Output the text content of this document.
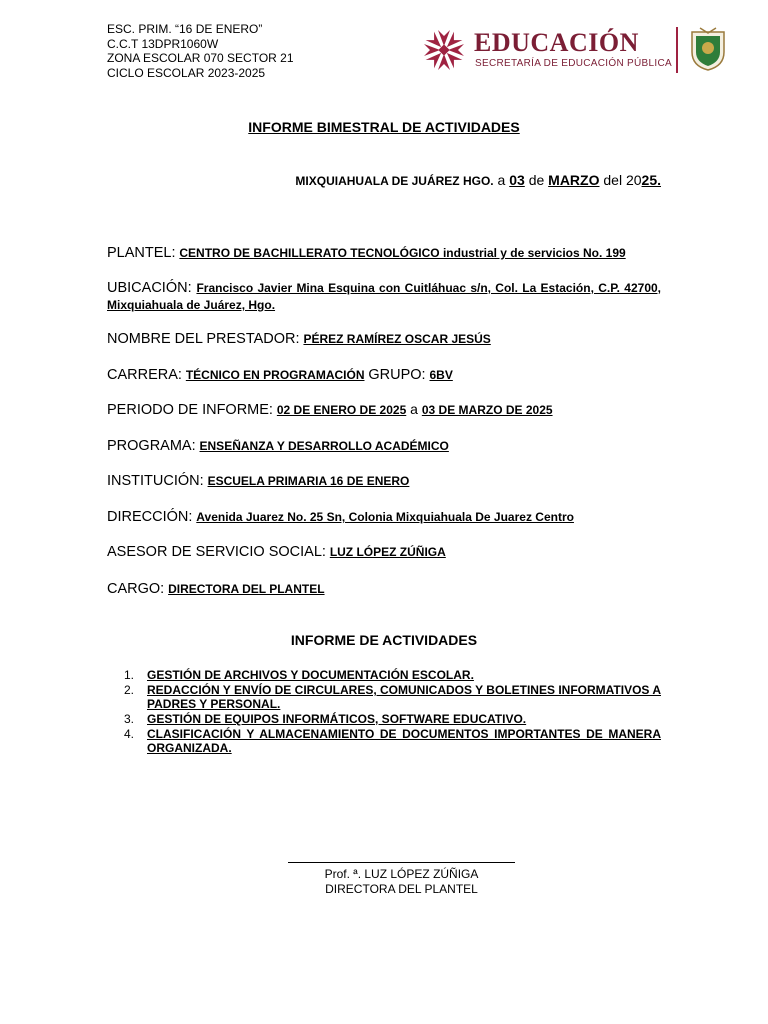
ESC. PRIM. “16 DE ENERO”
C.C.T 13DPR1060W
ZONA ESCOLAR 070 SECTOR 21
CICLO ESCOLAR 2023-2025
EDUCACIÓN
SECRETARÍA DE EDUCACIÓN PÚBLICA
INFORME BIMESTRAL DE ACTIVIDADES
MIXQUIAHUALA DE JUÁREZ HGO. a 03 de MARZO del 2025.
PLANTEL: CENTRO DE BACHILLERATO TECNOLÓGICO industrial y de servicios No. 199
UBICACIÓN: Francisco Javier Mina Esquina con Cuitláhuac s/n, Col. La Estación, C.P. 42700, Mixquiahuala de Juárez, Hgo.
NOMBRE DEL PRESTADOR: PÉREZ RAMÍREZ OSCAR JESÚS
CARRERA: TÉCNICO EN PROGRAMACIÓN GRUPO: 6BV
PERIODO DE INFORME: 02 DE ENERO DE 2025 a 03 DE MARZO DE 2025
PROGRAMA: ENSEÑANZA Y DESARROLLO ACADÉMICO
INSTITUCIÓN: ESCUELA PRIMARIA 16 DE ENERO
DIRECCIÓN: Avenida Juarez No. 25 Sn, Colonia Mixquiahuala De Juarez Centro
ASESOR DE SERVICIO SOCIAL: LUZ LÓPEZ ZÚÑIGA
CARGO: DIRECTORA DEL PLANTEL
INFORME DE ACTIVIDADES
1. GESTIÓN DE ARCHIVOS Y DOCUMENTACIÓN ESCOLAR.
2. REDACCIÓN Y ENVÍO DE CIRCULARES, COMUNICADOS Y BOLETINES INFORMATIVOS A PADRES Y PERSONAL.
3. GESTIÓN DE EQUIPOS INFORMÁTICOS, SOFTWARE EDUCATIVO.
4. CLASIFICACIÓN Y ALMACENAMIENTO DE DOCUMENTOS IMPORTANTES DE MANERA ORGANIZADA.
Prof. ª. LUZ LÓPEZ ZÚÑIGA
DIRECTORA DEL PLANTEL
